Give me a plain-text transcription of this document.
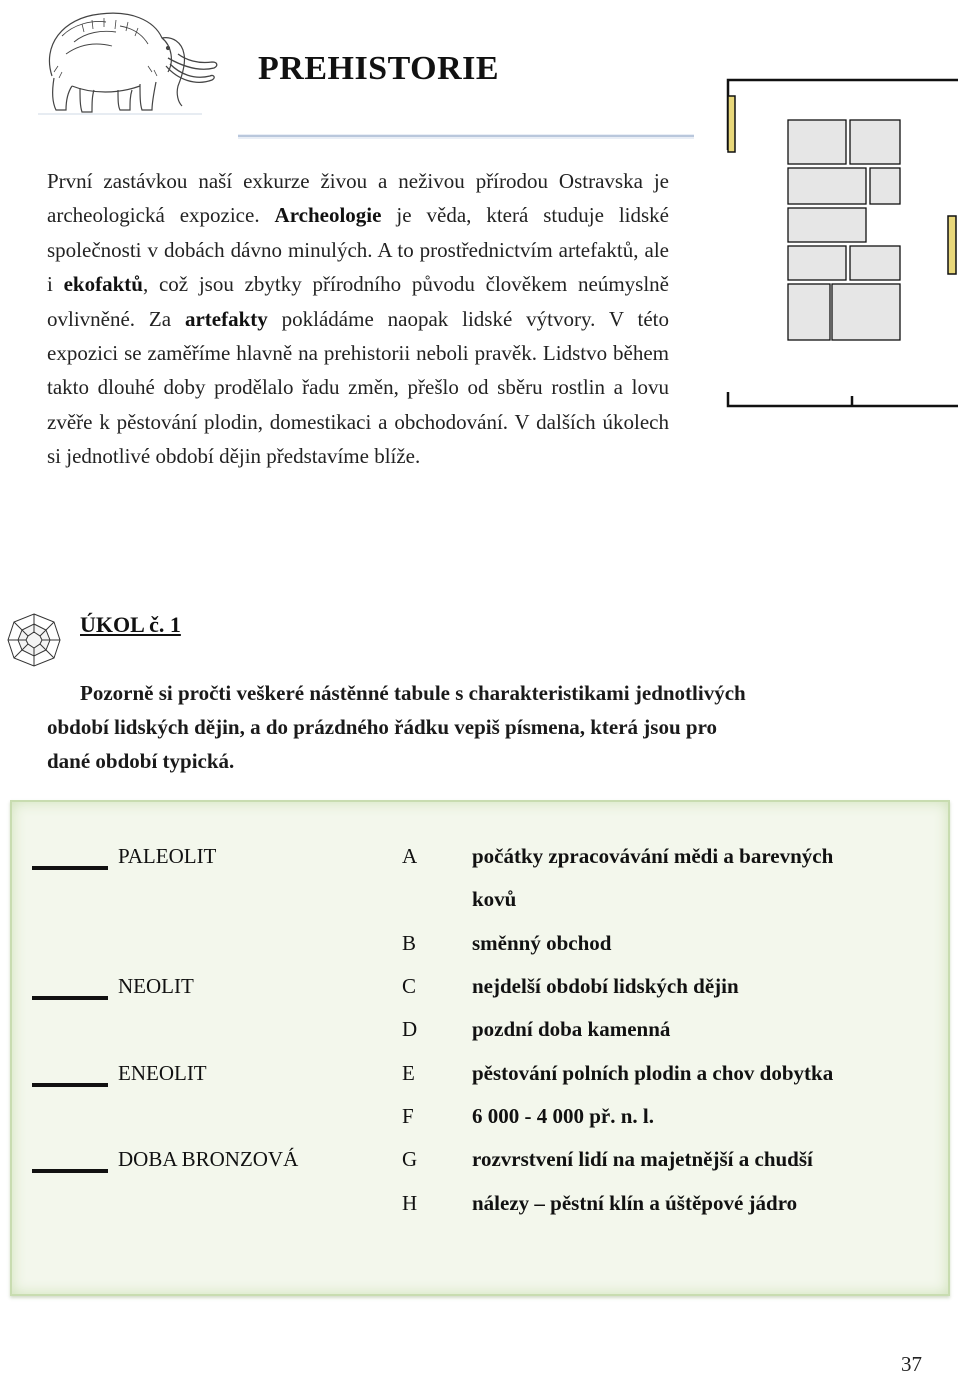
PREHISTORIE

První zastávkou naší exkurze živou a neživou přírodou Ostravska je archeologická expozice. Archeologie je věda, která studuje lidské společnosti v dobách dávno minulých. A to prostřednictvím artefaktů, ale i ekofaktů, což jsou zbytky přírodního původu člověkem neúmyslně ovlivněné. Za artefakty pokládáme naopak lidské výtvory. V této expozici se zaměříme hlavně na prehistorii neboli pravěk. Lidstvo během takto dlouhé doby prodělalo řadu změn, přešlo od sběru rostlin a lovu zvěře k pěstování plodin, domestikaci a obchodování. V dalších úkolech si jednotlivé období dějin představíme blíže.

ÚKOL č. 1
Pozorně si pročti veškeré nástěnné tabule s charakteristikami jednotlivých
období lidských dějin, a do prázdného řádku vepiš písmena, která jsou pro
dané období typická.
PALEOLIT	A	počátky zpracovávání mědi a barevných
kovů
B	směnný obchod
NEOLIT	C	nejdelší období lidských dějin
D	pozdní doba kamenná
ENEOLIT	E	pěstování polních plodin a chov dobytka
F	6 000 - 4 000 př. n. l.
DOBA BRONZOVÁ	G	rozvrstvení lidí na majetnější a chudší
H	nálezy – pěstní klín a úštěpové jádro
37
